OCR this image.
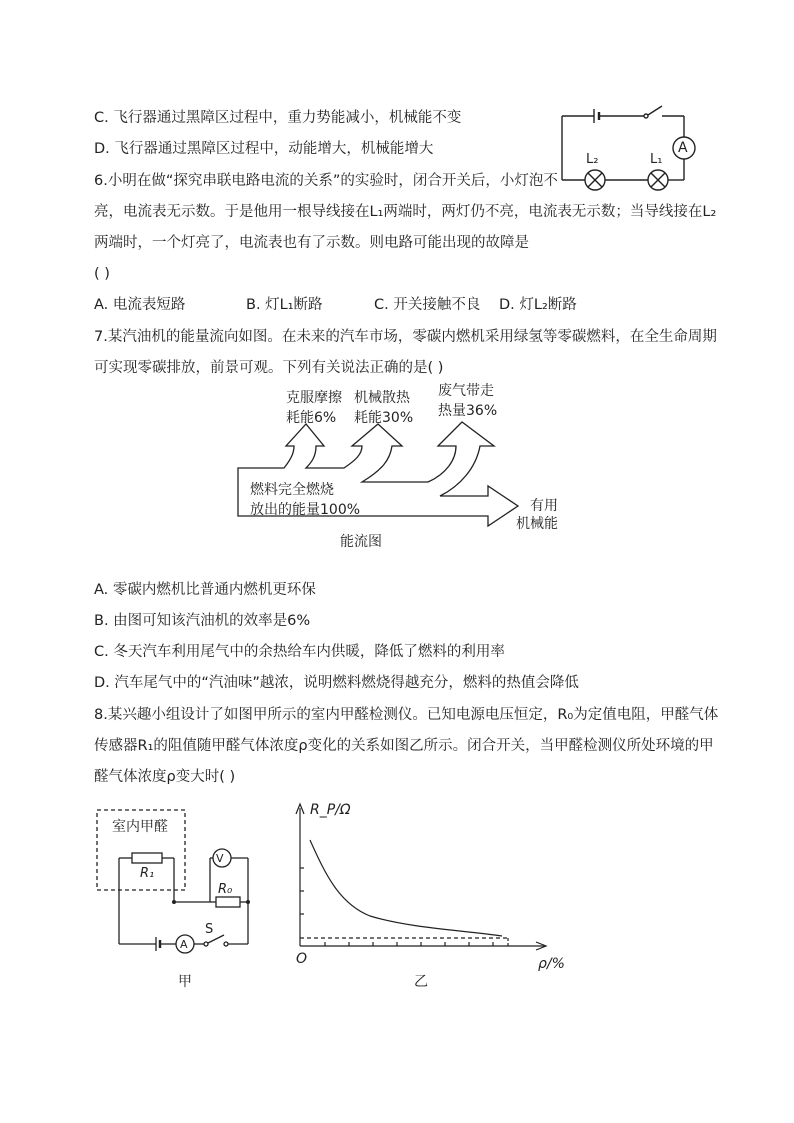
C. 飞行器通过黑障区过程中，重力势能减小，机械能不变
D. 飞行器通过黑障区过程中，动能增大，机械能增大	A
L₂	L₁
6.小明在做“探究串联电路电流的关系”的实验时，闭合开关后，小灯泡不
亮，电流表无示数。于是他用一根导线接在L₁两端时，两灯仍不亮，电流表无示数；当导线接在L₂
两端时，一个灯亮了，电流表也有了示数。则电路可能出现的故障是
( )
A. 电流表短路	B. 灯L₁断路	C. 开关接触不良 D. 灯L₂断路
7.某汽油机的能量流向如图。在未来的汽车市场，零碳内燃机采用绿氢等零碳燃料，在全生命周期
可实现零碳排放，前景可观。下列有关说法正确的是( )
克服摩擦
耗能6%
机械散热
耗能30%
废气带走
热量36%
燃料完全燃烧
放出的能量100%	有用
机械能
能流图
A. 零碳内燃机比普通内燃机更环保
B. 由图可知该汽油机的效率是6%
C. 冬天汽车利用尾气中的余热给车内供暖，降低了燃料的利用率
D. 汽车尾气中的“汽油味”越浓，说明燃料燃烧得越充分，燃料的热值会降低
8.某兴趣小组设计了如图甲所示的室内甲醛检测仪。已知电源电压恒定，R₀为定值电阻，甲醛气体
传感器R₁的阻值随甲醛气体浓度ρ变化的关系如图乙所示。闭合开关，当甲醛检测仪所处环境的甲
醛气体浓度ρ变大时( )
室内甲醛
R₁
V
R₀
A
S
甲
R_P/Ω
ρ/%
O
乙
